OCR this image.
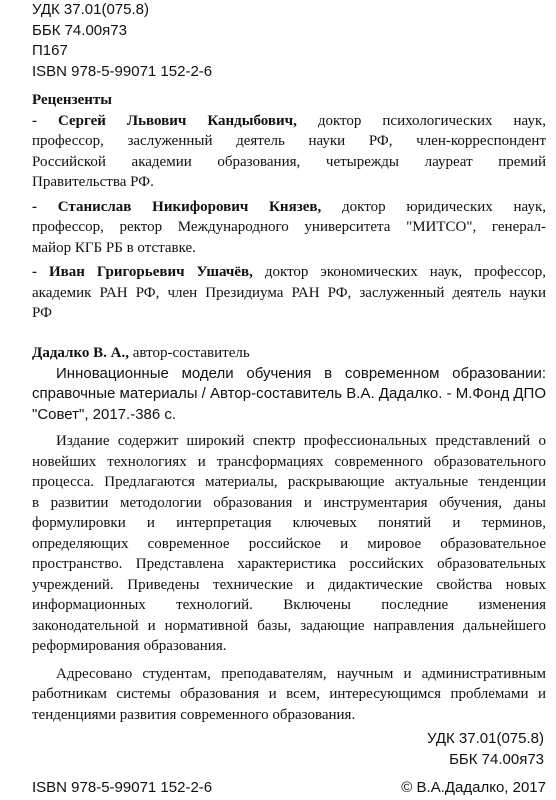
УДК 37.01(075.8)
ББК 74.00я73
П167
ISBN 978-5-99071 152-2-6
Рецензенты
- Сергей Львович Кандыбович, доктор психологических наук,
профессор, заслуженный деятель науки РФ, член-корреспондент
Российской академии образования, четырежды лауреат премий
Правительства РФ.
- Станислав Никифорович Князев, доктор юридических наук,
профессор, ректор Международного университета "МИТСО", генерал-
майор КГБ РБ в отставке.
- Иван Григорьевич Ушачёв, доктор экономических наук, профессор,
академик РАН РФ, член Президиума РАН РФ, заслуженный деятель науки
РФ
Дадалко В. А., автор-составитель
Инновационные модели обучения в современном образовании:
справочные материалы / Автор-составитель В.А. Дадалко. - М.Фонд ДПО
"Совет", 2017.-386 с.
Издание содержит широкий спектр профессиональных представлений о
новейших технологиях и трансформациях современного образовательного
процесса. Предлагаются материалы, раскрывающие актуальные тенденции
в развитии методологии образования и инструментария обучения, даны
формулировки и интерпретация ключевых понятий и терминов,
определяющих современное российское и мировое образовательное
пространство. Представлена характеристика российских образовательных
учреждений. Приведены технические и дидактические свойства новых
информационных технологий. Включены последние изменения
законодательной и нормативной базы, задающие направления дальнейшего
реформирования образования.
Адресовано студентам, преподавателям, научным и административным
работникам системы образования и всем, интересующимся проблемами и
тенденциями развития современного образования.
УДК 37.01(075.8)
ББК 74.00я73
ISBN 978-5-99071 152-2-6	© В.А.Дадалко, 2017
